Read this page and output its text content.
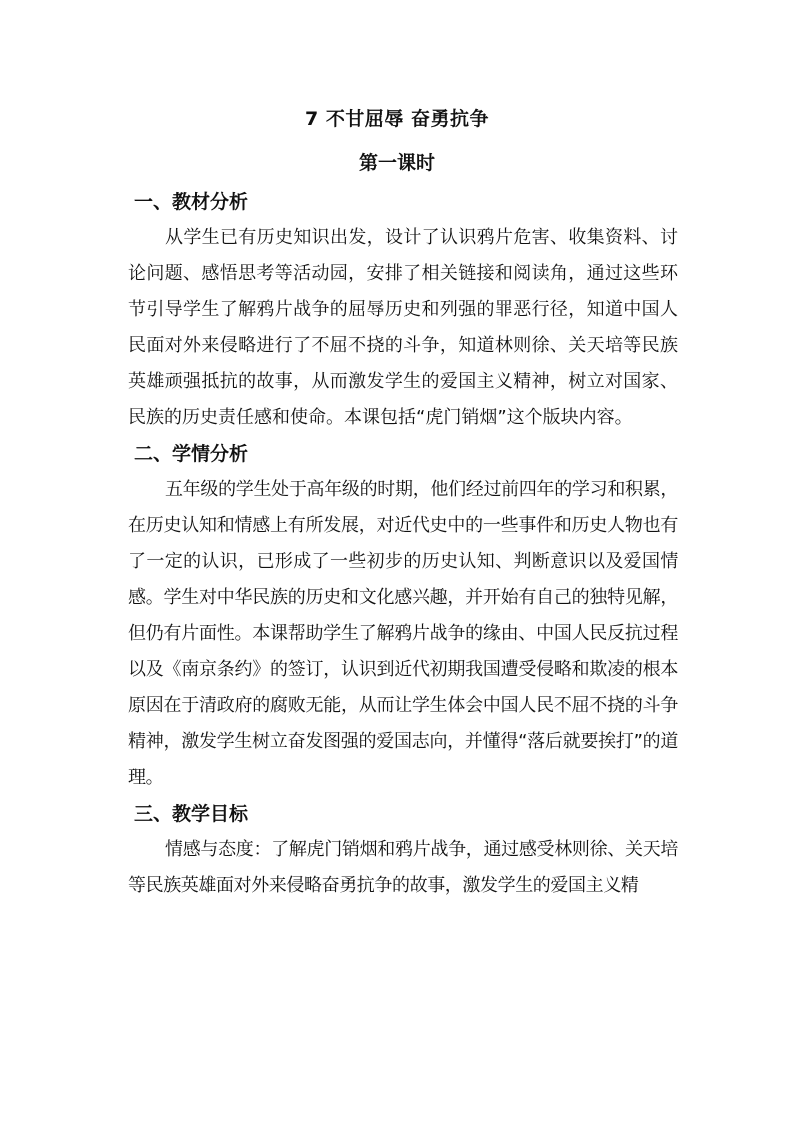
7 不甘屈辱 奋勇抗争
第一课时
一、教材分析

从学生已有历史知识出发，设计了认识鸦片危害、收集资料、讨论问题、感悟思考等活动园，安排了相关链接和阅读角，通过这些环节引导学生了解鸦片战争的屈辱历史和列强的罪恶行径，知道中国人民面对外来侵略进行了不屈不挠的斗争，知道林则徐、关天培等民族英雄顽强抵抗的故事，从而激发学生的爱国主义精神，树立对国家、民族的历史责任感和使命。本课包括“虎门销烟”这个版块内容。

二、学情分析

五年级的学生处于高年级的时期，他们经过前四年的学习和积累，在历史认知和情感上有所发展，对近代史中的一些事件和历史人物也有了一定的认识，已形成了一些初步的历史认知、判断意识以及爱国情感。学生对中华民族的历史和文化感兴趣，并开始有自己的独特见解，但仍有片面性。本课帮助学生了解鸦片战争的缘由、中国人民反抗过程以及《南京条约》的签订，认识到近代初期我国遭受侵略和欺凌的根本原因在于清政府的腐败无能，从而让学生体会中国人民不屈不挠的斗争精神，激发学生树立奋发图强的爱国志向，并懂得“落后就要挨打”的道理。

三、教学目标

情感与态度：了解虎门销烟和鸦片战争，通过感受林则徐、关天培等民族英雄面对外来侵略奋勇抗争的故事，激发学生的爱国主义精
